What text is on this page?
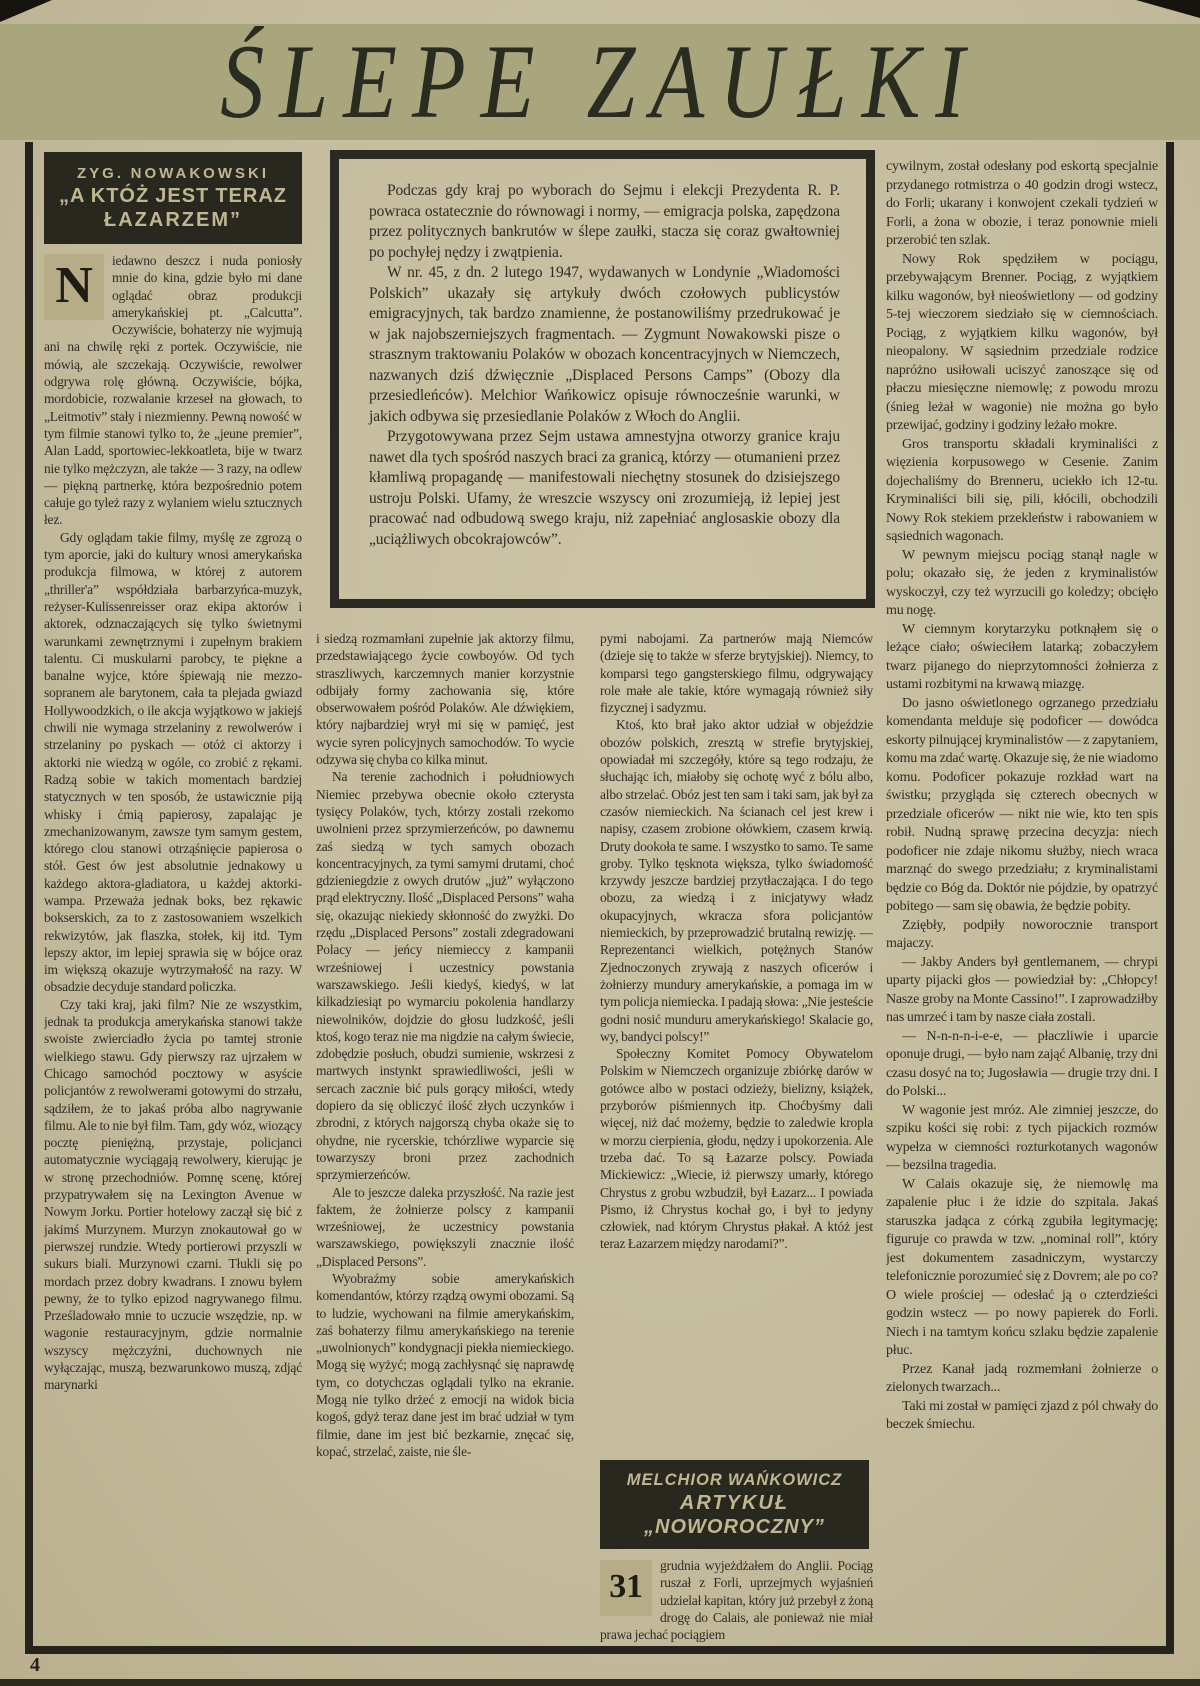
ŚLEPE ZAUŁKI
ZYG. NOWAKOWSKI
„A KTÓŻ JEST TERAZ
ŁAZARZEM”
N	iedawno deszcz i nuda poniosły mnie do kina, gdzie było mi dane oglądać obraz produkcji amerykańskiej pt. „Calcutta”. Oczywiście, bohaterzy nie wyjmują ani na chwilę ręki z portek. Oczywiście, nie mówią, ale szczekają. Oczywiście, rewolwer odgrywa rolę główną. Oczywiście, bójka, mordobicie, rozwalanie krzeseł na głowach, to „Leitmotiv” stały i niezmienny. Pewną nowość w tym filmie stanowi tylko to, że „jeune premier”, Alan Ladd, sportowiec-lekkoatleta, bije w twarz nie tylko mężczyzn, ale także — 3 razy, na odlew — piękną partnerkę, która bezpośrednio potem całuje go tyleż razy z wylaniem wielu sztucznych łez.

Gdy oglądam takie filmy, myślę ze zgrozą o tym aporcie, jaki do kultury wnosi amerykańska produkcja filmowa, w której z autorem „thriller'a” współdziała barbarzyńca-muzyk, reżyser-Kulissenreisser oraz ekipa aktorów i aktorek, odznaczających się tylko świetnymi warunkami zewnętrznymi i zupełnym brakiem talentu. Ci muskularni parobcy, te piękne a banalne wyjce, które śpiewają nie mezzo-sopranem ale barytonem, cała ta plejada gwiazd Hollywoodzkich, o ile akcja wyjątkowo w jakiejś chwili nie wymaga strzelaniny z rewolwerów i strzelaniny po pyskach — otóż ci aktorzy i aktorki nie wiedzą w ogóle, co zrobić z rękami. Radzą sobie w takich momentach bardziej statycznych w ten sposób, że ustawicznie piją whisky i ćmią papierosy, zapalając je zmechanizowanym, zawsze tym samym gestem, którego clou stanowi otrząśnięcie papierosa o stół. Gest ów jest absolutnie jednakowy u każdego aktora-gladiatora, u każdej aktorki-wampa. Przeważa jednak boks, bez rękawic bokserskich, za to z zastosowaniem wszelkich rekwizytów, jak flaszka, stołek, kij itd. Tym lepszy aktor, im lepiej sprawia się w bójce oraz im większą okazuje wytrzymałość na razy. W obsadzie decyduje standard policzka.

Czy taki kraj, jaki film? Nie ze wszystkim, jednak ta produkcja amerykańska stanowi także swoiste zwierciadło życia po tamtej stronie wielkiego stawu. Gdy pierwszy raz ujrzałem w Chicago samochód pocztowy w asyście policjantów z rewolwerami gotowymi do strzału, sądziłem, że to jakaś próba albo nagrywanie filmu. Ale to nie był film. Tam, gdy wóz, wiozący pocztę pieniężną, przystaje, policjanci automatycznie wyciągają rewolwery, kierując je w stronę przechodniów. Pomnę scenę, której przypatrywałem się na Lexington Avenue w Nowym Jorku. Portier hotelowy zaczął się bić z jakimś Murzynem. Murzyn znokautował go w pierwszej rundzie. Wtedy portierowi przyszli w sukurs biali. Murzynowi czarni. Tłukli się po mordach przez dobry kwadrans. I znowu byłem pewny, że to tylko epizod nagrywanego filmu. Prześladowało mnie to uczucie wszędzie, np. w wagonie restauracyjnym, gdzie normalnie wszyscy mężczyźni, duchownych nie wyłączając, muszą, bezwarunkowo muszą, zdjąć marynarki

Podczas gdy kraj po wyborach do Sejmu i elekcji Prezydenta R. P. powraca ostatecznie do równowagi i normy, — emigracja polska, zapędzona przez politycznych bankrutów w ślepe zaułki, stacza się coraz gwałtowniej po pochyłej nędzy i zwątpienia.

W nr. 45, z dn. 2 lutego 1947, wydawanych w Londynie „Wiadomości Polskich” ukazały się artykuły dwóch czołowych publicystów emigracyjnych, tak bardzo znamienne, że postanowiliśmy przedrukować je w jak najobszerniejszych fragmentach. — Zygmunt Nowakowski pisze o strasznym traktowaniu Polaków w obozach koncentracyjnych w Niemczech, nazwanych dziś dźwięcznie „Displaced Persons Camps” (Obozy dla przesiedleńców). Melchior Wańkowicz opisuje równocześnie warunki, w jakich odbywa się przesiedlanie Polaków z Włoch do Anglii.

Przygotowywana przez Sejm ustawa amnestyjna otworzy granice kraju nawet dla tych spośród naszych braci za granicą, którzy — otumanieni przez kłamliwą propagandę — manifestowali niechętny stosunek do dzisiejszego ustroju Polski. Ufamy, że wreszcie wszyscy oni zrozumieją, iż lepiej jest pracować nad odbudową swego kraju, niż zapełniać anglosaskie obozy dla „uciążliwych obcokrajowców”.

i siedzą rozmamłani zupełnie jak aktorzy filmu, przedstawiającego życie cowboyów. Od tych straszliwych, karczemnych manier korzystnie odbijały formy zachowania się, które obserwowałem pośród Polaków. Ale dźwiękiem, który najbardziej wrył mi się w pamięć, jest wycie syren policyjnych samochodów. To wycie odzywa się chyba co kilka minut.

Na terenie zachodnich i południowych Niemiec przebywa obecnie około czterysta tysięcy Polaków, tych, którzy zostali rzekomo uwolnieni przez sprzymierzeńców, po dawnemu zaś siedzą w tych samych obozach koncentracyjnych, za tymi samymi drutami, choć gdzieniegdzie z owych drutów „już” wyłączono prąd elektryczny. Ilość „Displaced Persons” waha się, okazując niekiedy skłonność do zwyżki. Do rzędu „Displaced Persons” zostali zdegradowani Polacy — jeńcy niemieccy z kampanii wrześniowej i uczestnicy powstania warszawskiego. Jeśli kiedyś, kiedyś, w lat kilkadziesiąt po wymarciu pokolenia handlarzy niewolników, dojdzie do głosu ludzkość, jeśli ktoś, kogo teraz nie ma nigdzie na całym świecie, zdobędzie posłuch, obudzi sumienie, wskrzesi z martwych instynkt sprawiedliwości, jeśli w sercach zacznie bić puls gorący miłości, wtedy dopiero da się obliczyć ilość złych uczynków i zbrodni, z których najgorszą chyba okaże się to ohydne, nie rycerskie, tchórzliwe wyparcie się towarzyszy broni przez zachodnich sprzymierzeńców.

Ale to jeszcze daleka przyszłość. Na razie jest faktem, że żołnierze polscy z kampanii wrześniowej, że uczestnicy powstania warszawskiego, powiększyli znacznie ilość „Displaced Persons”.

Wyobraźmy sobie amerykańskich komendantów, którzy rządzą owymi obozami. Są to ludzie, wychowani na filmie amerykańskim, zaś bohaterzy filmu amerykańskiego na terenie „uwolnionych” kondygnacji piekła niemieckiego. Mogą się wyżyć; mogą zachłysnąć się naprawdę tym, co dotychczas oglądali tylko na ekranie. Mogą nie tylko drżeć z emocji na widok bicia kogoś, gdyż teraz dane jest im brać udział w tym filmie, dane im jest bić bezkarnie, znęcać się, kopać, strzelać, zaiste, nie śle-

pymi nabojami. Za partnerów mają Niemców (dzieje się to także w sferze brytyjskiej). Niemcy, to komparsi tego gangsterskiego filmu, odgrywający role małe ale takie, które wymagają również siły fizycznej i sadyzmu.

Ktoś, kto brał jako aktor udział w objeździe obozów polskich, zresztą w strefie brytyjskiej, opowiadał mi szczegóły, które są tego rodzaju, że słuchając ich, miałoby się ochotę wyć z bólu albo, albo strzelać. Obóz jest ten sam i taki sam, jak był za czasów niemieckich. Na ścianach cel jest krew i napisy, czasem zrobione ołówkiem, czasem krwią. Druty dookoła te same. I wszystko to samo. Te same groby. Tylko tęsknota większa, tylko świadomość krzywdy jeszcze bardziej przytłaczająca. I do tego obozu, za wiedzą i z inicjatywy władz okupacyjnych, wkracza sfora policjantów niemieckich, by przeprowadzić brutalną rewizję. — Reprezentanci wielkich, potężnych Stanów Zjednoczonych zrywają z naszych oficerów i żołnierzy mundury amerykańskie, a pomaga im w tym policja niemiecka. I padają słowa: „Nie jesteście godni nosić munduru amerykańskiego! Skalacie go, wy, bandyci polscy!”

Społeczny Komitet Pomocy Obywatelom Polskim w Niemczech organizuje zbiórkę darów w gotówce albo w postaci odzieży, bielizny, książek, przyborów piśmiennych itp. Choćbyśmy dali więcej, niż dać możemy, będzie to zaledwie kropla w morzu cierpienia, głodu, nędzy i upokorzenia. Ale trzeba dać. To są Łazarze polscy. Powiada Mickiewicz: „Wiecie, iż pierwszy umarły, którego Chrystus z grobu wzbudził, był Łazarz... I powiada Pismo, iż Chrystus kochał go, i był to jedyny człowiek, nad którym Chrystus płakał. A któż jest teraz Łazarzem między narodami?”.

MELCHIOR WAŃKOWICZ
ARTYKUŁ
„NOWOROCZNY”
31

grudnia wyjeżdżałem do Anglii. Pociąg ruszał z Forli, uprzejmych wyjaśnień udzielał kapitan, który już przebył z żoną drogę do Calais, ale ponieważ nie miał prawa jechać pociągiem

cywilnym, został odesłany pod eskortą specjalnie przydanego rotmistrza o 40 godzin drogi wstecz, do Forli; ukarany i konwojent czekali tydzień w Forli, a żona w obozie, i teraz ponownie mieli przerobić ten szlak.

Nowy Rok spędziłem w pociągu, przebywającym Brenner. Pociąg, z wyjątkiem kilku wagonów, był nieoświetlony — od godziny 5-tej wieczorem siedziało się w ciemnościach. Pociąg, z wyjątkiem kilku wagonów, był nieopalony. W sąsiednim przedziale rodzice napróżno usiłowali uciszyć zanoszące się od płaczu miesięczne niemowlę; z powodu mrozu (śnieg leżał w wagonie) nie można go było przewijać, godziny i godziny leżało mokre.

Gros transportu składali kryminaliści z więzienia korpusowego w Cesenie. Zanim dojechaliśmy do Brenneru, uciekło ich 12-tu. Kryminaliści bili się, pili, kłócili, obchodzili Nowy Rok stekiem przekleństw i rabowaniem w sąsiednich wagonach.

W pewnym miejscu pociąg stanął nagle w polu; okazało się, że jeden z kryminalistów wyskoczył, czy też wyrzucili go koledzy; obcięło mu nogę.

W ciemnym korytarzyku potknąłem się o leżące ciało; oświeciłem latarką; zobaczyłem twarz pijanego do nieprzytomności żołnierza z ustami rozbitymi na krwawą miazgę.

Do jasno oświetlonego ogrzanego przedziału komendanta melduje się podoficer — dowódca eskorty pilnującej kryminalistów — z zapytaniem, komu ma zdać wartę. Okazuje się, że nie wiadomo komu. Podoficer pokazuje rozkład wart na świstku; przygląda się czterech obecnych w przedziale oficerów — nikt nie wie, kto ten spis robił. Nudną sprawę przecina decyzja: niech podoficer nie zdaje nikomu służby, niech wraca marznąć do swego przedziału; z kryminalistami będzie co Bóg da. Doktór nie pójdzie, by opatrzyć pobitego — sam się obawia, że będzie pobity.

Zziębły, podpiły noworocznie transport majaczy.

— Jakby Anders był gentlemanem, — chrypi uparty pijacki głos — powiedział by: „Chłopcy! Nasze groby na Monte Cassino!”. I zaprowadziłby nas umrzeć i tam by nasze ciała zostali.

— N-n-n-n-i-e-e, — płaczliwie i uparcie oponuje drugi, — było nam zająć Albanię, trzy dni czasu dosyć na to; Jugosławia — drugie trzy dni. I do Polski...

W wagonie jest mróz. Ale zimniej jeszcze, do szpiku kości się robi: z tych pijackich rozmów wypełza w ciemności rozturkotanych wagonów — bezsilna tragedia.

W Calais okazuje się, że niemowlę ma zapalenie płuc i że idzie do szpitala. Jakaś staruszka jadąca z córką zgubiła legitymację; figuruje co prawda w tzw. „nominal roll”, który jest dokumentem zasadniczym, wystarczy telefonicznie porozumieć się z Dovrem; ale po co? O wiele prościej — odesłać ją o czterdzieści godzin wstecz — po nowy papierek do Forli. Niech i na tamtym końcu szlaku będzie zapalenie płuc.

Przez Kanał jadą rozmemłani żołnierze o zielonych twarzach...

Taki mi został w pamięci zjazd z pól chwały do beczek śmiechu.

4
